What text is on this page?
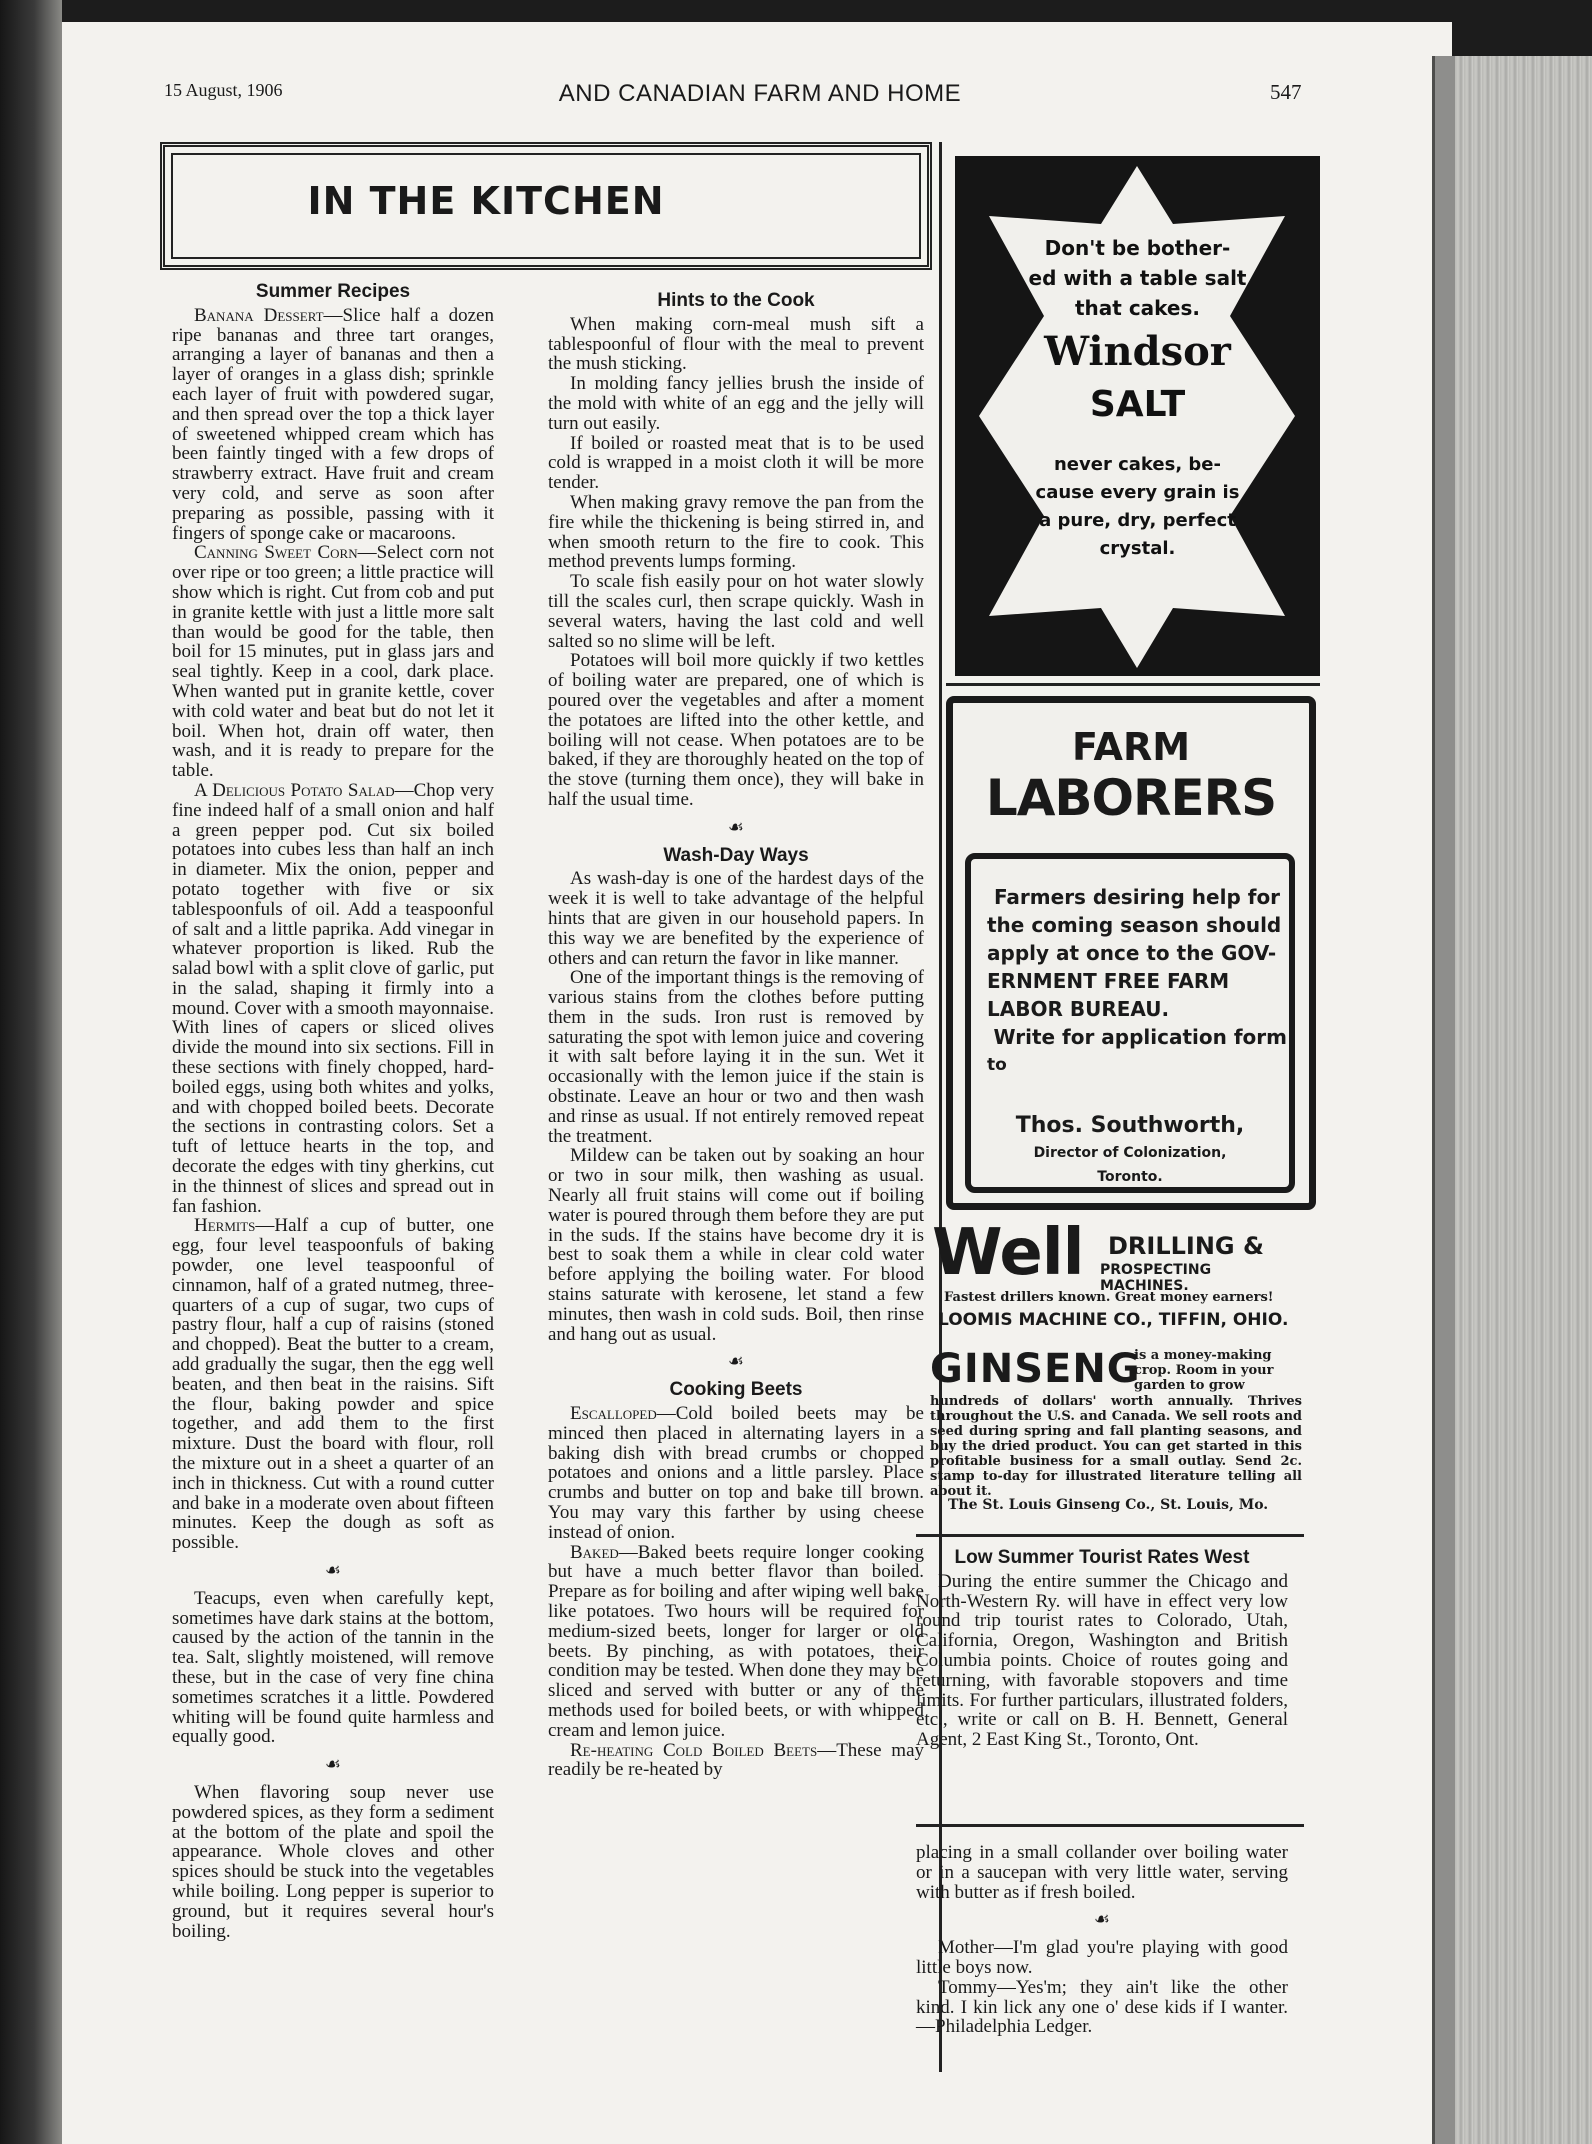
15 August, 1906	AND CANADIAN FARM AND HOME	547
IN THE KITCHEN
Summer Recipes

Banana Dessert—Slice half a dozen ripe bananas and three tart oranges, arranging a layer of bananas and then a layer of oranges in a glass dish; sprinkle each layer of fruit with powdered sugar, and then spread over the top a thick layer of sweetened whipped cream which has been faintly tinged with a few drops of strawberry extract. Have fruit and cream very cold, and serve as soon after preparing as possible, passing with it fingers of sponge cake or macaroons.

Canning Sweet Corn—Select corn not over ripe or too green; a little practice will show which is right. Cut from cob and put in granite kettle with just a little more salt than would be good for the table, then boil for 15 minutes, put in glass jars and seal tightly. Keep in a cool, dark place. When wanted put in granite kettle, cover with cold water and beat but do not let it boil. When hot, drain off water, then wash, and it is ready to prepare for the table.

A Delicious Potato Salad—Chop very fine indeed half of a small onion and half a green pepper pod. Cut six boiled potatoes into cubes less than half an inch in diameter. Mix the onion, pepper and potato together with five or six tablespoonfuls of oil. Add a teaspoonful of salt and a little paprika. Add vinegar in whatever proportion is liked. Rub the salad bowl with a split clove of garlic, put in the salad, shaping it firmly into a mound. Cover with a smooth mayonnaise. With lines of capers or sliced olives divide the mound into six sections. Fill in these sections with finely chopped, hard-boiled eggs, using both whites and yolks, and with chopped boiled beets. Decorate the sections in contrasting colors. Set a tuft of lettuce hearts in the top, and decorate the edges with tiny gherkins, cut in the thinnest of slices and spread out in fan fashion.

Hermits—Half a cup of butter, one egg, four level teaspoonfuls of baking powder, one level teaspoonful of cinnamon, half of a grated nutmeg, three-quarters of a cup of sugar, two cups of pastry flour, half a cup of raisins (stoned and chopped). Beat the butter to a cream, add gradually the sugar, then the egg well beaten, and then beat in the raisins. Sift the flour, baking powder and spice together, and add them to the first mixture. Dust the board with flour, roll the mixture out in a sheet a quarter of an inch in thickness. Cut with a round cutter and bake in a moderate oven about fifteen minutes. Keep the dough as soft as possible.

☙

Teacups, even when carefully kept, sometimes have dark stains at the bottom, caused by the action of the tannin in the tea. Salt, slightly moistened, will remove these, but in the case of very fine china sometimes scratches it a little. Powdered whiting will be found quite harmless and equally good.

☙

When flavoring soup never use powdered spices, as they form a sediment at the bottom of the plate and spoil the appearance. Whole cloves and other spices should be stuck into the vegetables while boiling. Long pepper is superior to ground, but it requires several hour's boiling.

Hints to the Cook

When making corn-meal mush sift a tablespoonful of flour with the meal to prevent the mush sticking.

In molding fancy jellies brush the inside of the mold with white of an egg and the jelly will turn out easily.

If boiled or roasted meat that is to be used cold is wrapped in a moist cloth it will be more tender.

When making gravy remove the pan from the fire while the thickening is being stirred in, and when smooth return to the fire to cook. This method prevents lumps forming.

To scale fish easily pour on hot water slowly till the scales curl, then scrape quickly. Wash in several waters, having the last cold and well salted so no slime will be left.

Potatoes will boil more quickly if two kettles of boiling water are prepared, one of which is poured over the vegetables and after a moment the potatoes are lifted into the other kettle, and boiling will not cease. When potatoes are to be baked, if they are thoroughly heated on the top of the stove (turning them once), they will bake in half the usual time.

☙
Wash-Day Ways

As wash-day is one of the hardest days of the week it is well to take advantage of the helpful hints that are given in our household papers. In this way we are benefited by the experience of others and can return the favor in like manner.

One of the important things is the removing of various stains from the clothes before putting them in the suds. Iron rust is removed by saturating the spot with lemon juice and covering it with salt before laying it in the sun. Wet it occasionally with the lemon juice if the stain is obstinate. Leave an hour or two and then wash and rinse as usual. If not entirely removed repeat the treatment.

Mildew can be taken out by soaking an hour or two in sour milk, then washing as usual. Nearly all fruit stains will come out if boiling water is poured through them before they are put in the suds. If the stains have become dry it is best to soak them a while in clear cold water before applying the boiling water. For blood stains saturate with kerosene, let stand a few minutes, then wash in cold suds. Boil, then rinse and hang out as usual.

☙
Cooking Beets

Escalloped—Cold boiled beets may be minced then placed in alternating layers in a baking dish with bread crumbs or chopped potatoes and onions and a little parsley. Place crumbs and butter on top and bake till brown. You may vary this farther by using cheese instead of onion.

Baked—Baked beets require longer cooking but have a much better flavor than boiled. Prepare as for boiling and after wiping well bake like potatoes. Two hours will be required for medium-sized beets, longer for larger or old beets. By pinching, as with potatoes, their condition may be tested. When done they may be sliced and served with butter or any of the methods used for boiled beets, or with whipped cream and lemon juice.

Re-heating Cold Boiled Beets—These may readily be re-heated by

Don't be bother-
ed with a table salt
that cakes.
Windsor
SALT
never cakes, be-
cause every grain is
a pure, dry, perfect
crystal.
FARM
LABORERS
Farmers desiring help for
the coming season should
apply at once to the GOV-
ERNMENT FREE FARM
LABOR BUREAU.
Write for application form
to
Thos. Southworth,
Director of Colonization,
Toronto.
Well DRILLING &
PROSPECTING MACHINES.
Fastest drillers known. Great money earners!
LOOMIS MACHINE CO., TIFFIN, OHIO.
GINSENG
is a money-making crop. Room in your garden to grow
hundreds of dollars' worth annually. Thrives throughout the U.S. and Canada. We sell roots and seed during spring and fall planting seasons, and buy the dried product. You can get started in this profitable business for a small outlay. Send 2c. stamp to-day for illustrated literature telling all about it.
The St. Louis Ginseng Co., St. Louis, Mo.
Low Summer Tourist Rates West

During the entire summer the Chicago and North-Western Ry. will have in effect very low round trip tourist rates to Colorado, Utah, California, Oregon, Washington and British Columbia points. Choice of routes going and returning, with favorable stopovers and time limits. For further particulars, illustrated folders, etc., write or call on B. H. Bennett, General Agent, 2 East King St., Toronto, Ont.

placing in a small collander over boiling water or in a saucepan with very little water, serving with butter as if fresh boiled.

☙

Mother—I'm glad you're playing with good little boys now.

Tommy—Yes'm; they ain't like the other kind. I kin lick any one o' dese kids if I wanter.—Philadelphia Ledger.
